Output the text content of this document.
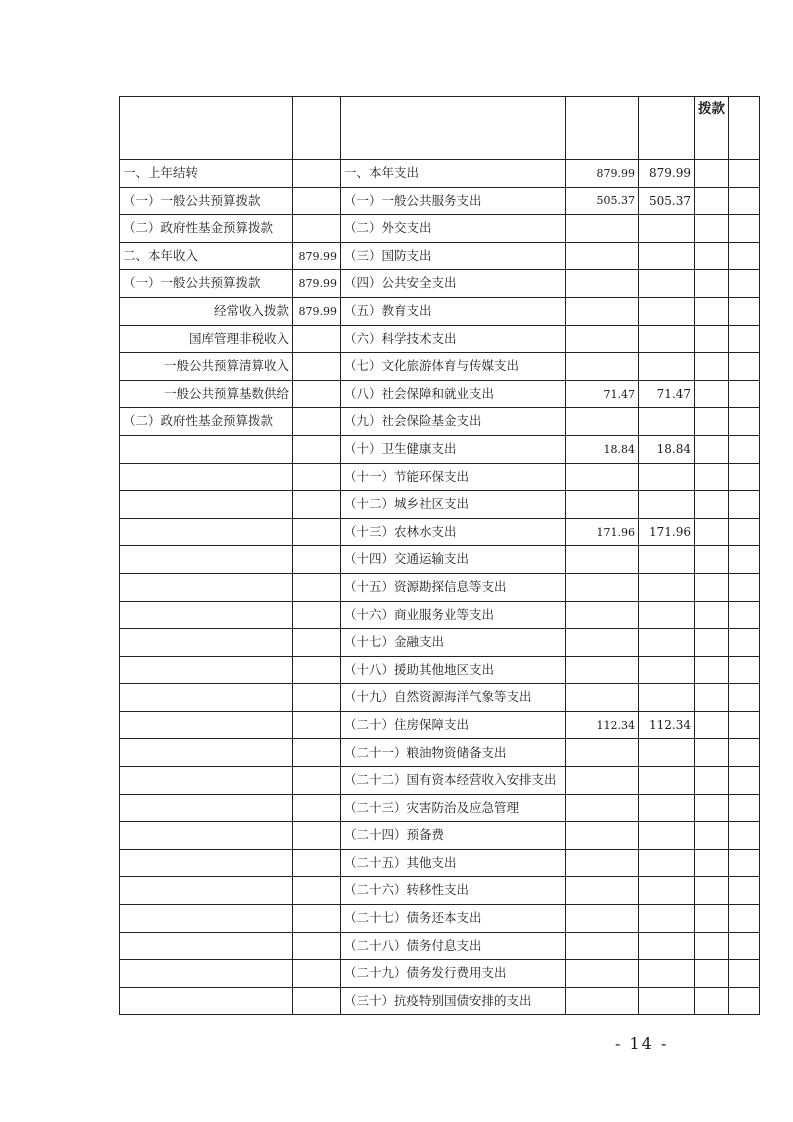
					拨款	

一、上年结转		一、本年支出	879.99	879.99		
（一）一般公共预算拨款		（一）一般公共服务支出	505.37	505.37		
（二）政府性基金预算拨款		（二）外交支出				
二、本年收入	879.99	（三）国防支出				
（一）一般公共预算拨款	879.99	（四）公共安全支出				
经常收入拨款	879.99	（五）教育支出				
国库管理非税收入		（六）科学技术支出				
一般公共预算清算收入		（七）文化旅游体育与传媒支出				
一般公共预算基数供给		（八）社会保障和就业支出	71.47	71.47		
（二）政府性基金预算拨款		（九）社会保险基金支出				
		（十）卫生健康支出	18.84	18.84		
		（十一）节能环保支出				
		（十二）城乡社区支出				
		（十三）农林水支出	171.96	171.96		
		（十四）交通运输支出				
		（十五）资源勘探信息等支出				
		（十六）商业服务业等支出				
		（十七）金融支出				
		（十八）援助其他地区支出				
		（十九）自然资源海洋气象等支出				
		（二十）住房保障支出	112.34	112.34		
		（二十一）粮油物资储备支出				
		（二十二）国有资本经营收入安排支出				
		（二十三）灾害防治及应急管理				
		（二十四）预备费				
		（二十五）其他支出				
		（二十六）转移性支出				
		（二十七）债务还本支出				
		（二十八）债务付息支出				
		（二十九）债务发行费用支出				
		（三十）抗疫特别国债安排的支出				
- 14 -
